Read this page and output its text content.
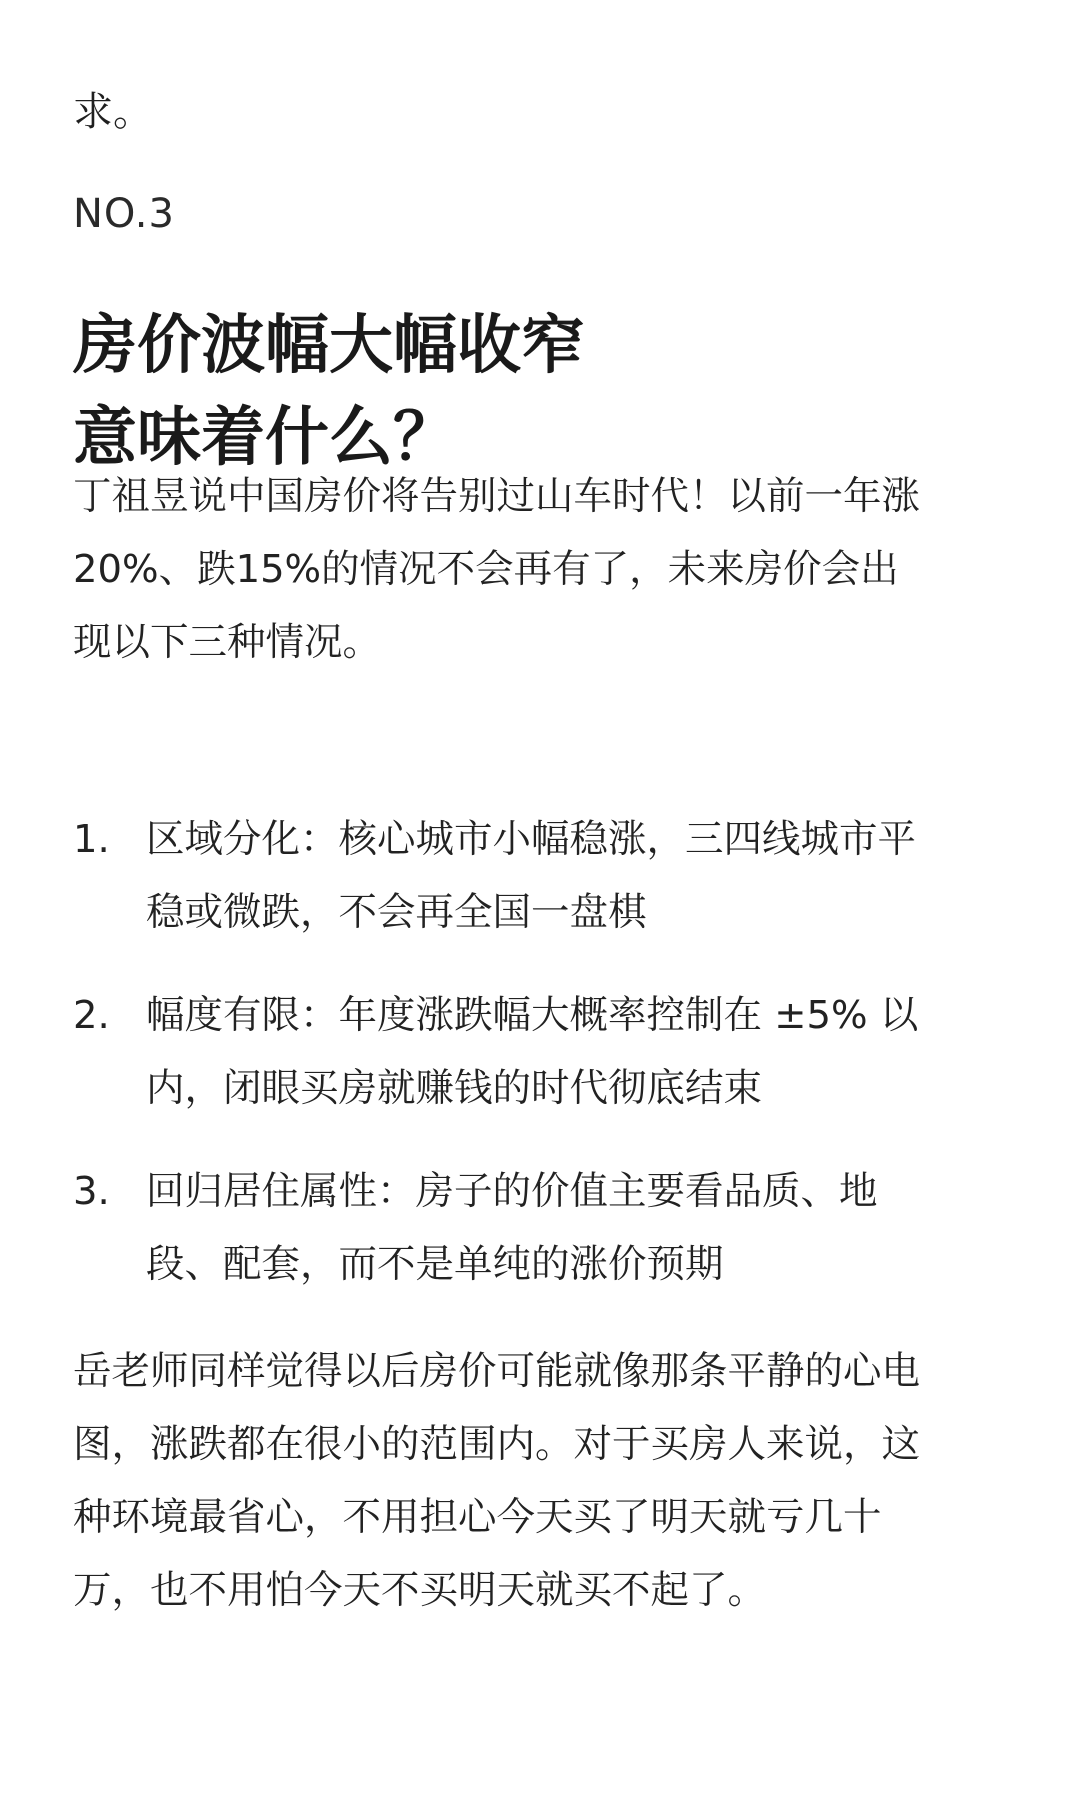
求。
NO.3
房价波幅大幅收窄
意味着什么？

丁祖昱说中国房价将告别过山车时代！以前一年涨
20%、跌15%的情况不会再有了，未来房价会出
现以下三种情况。

1. 区域分化：核心城市小幅稳涨，三四线城市平
稳或微跌，不会再全国一盘棋
2. 幅度有限：年度涨跌幅大概率控制在 ±5% 以
内，闭眼买房就赚钱的时代彻底结束
3. 回归居住属性：房子的价值主要看品质、地
段、配套，而不是单纯的涨价预期

岳老师同样觉得以后房价可能就像那条平静的心电
图，涨跌都在很小的范围内。对于买房人来说，这
种环境最省心，不用担心今天买了明天就亏几十
万，也不用怕今天不买明天就买不起了。
